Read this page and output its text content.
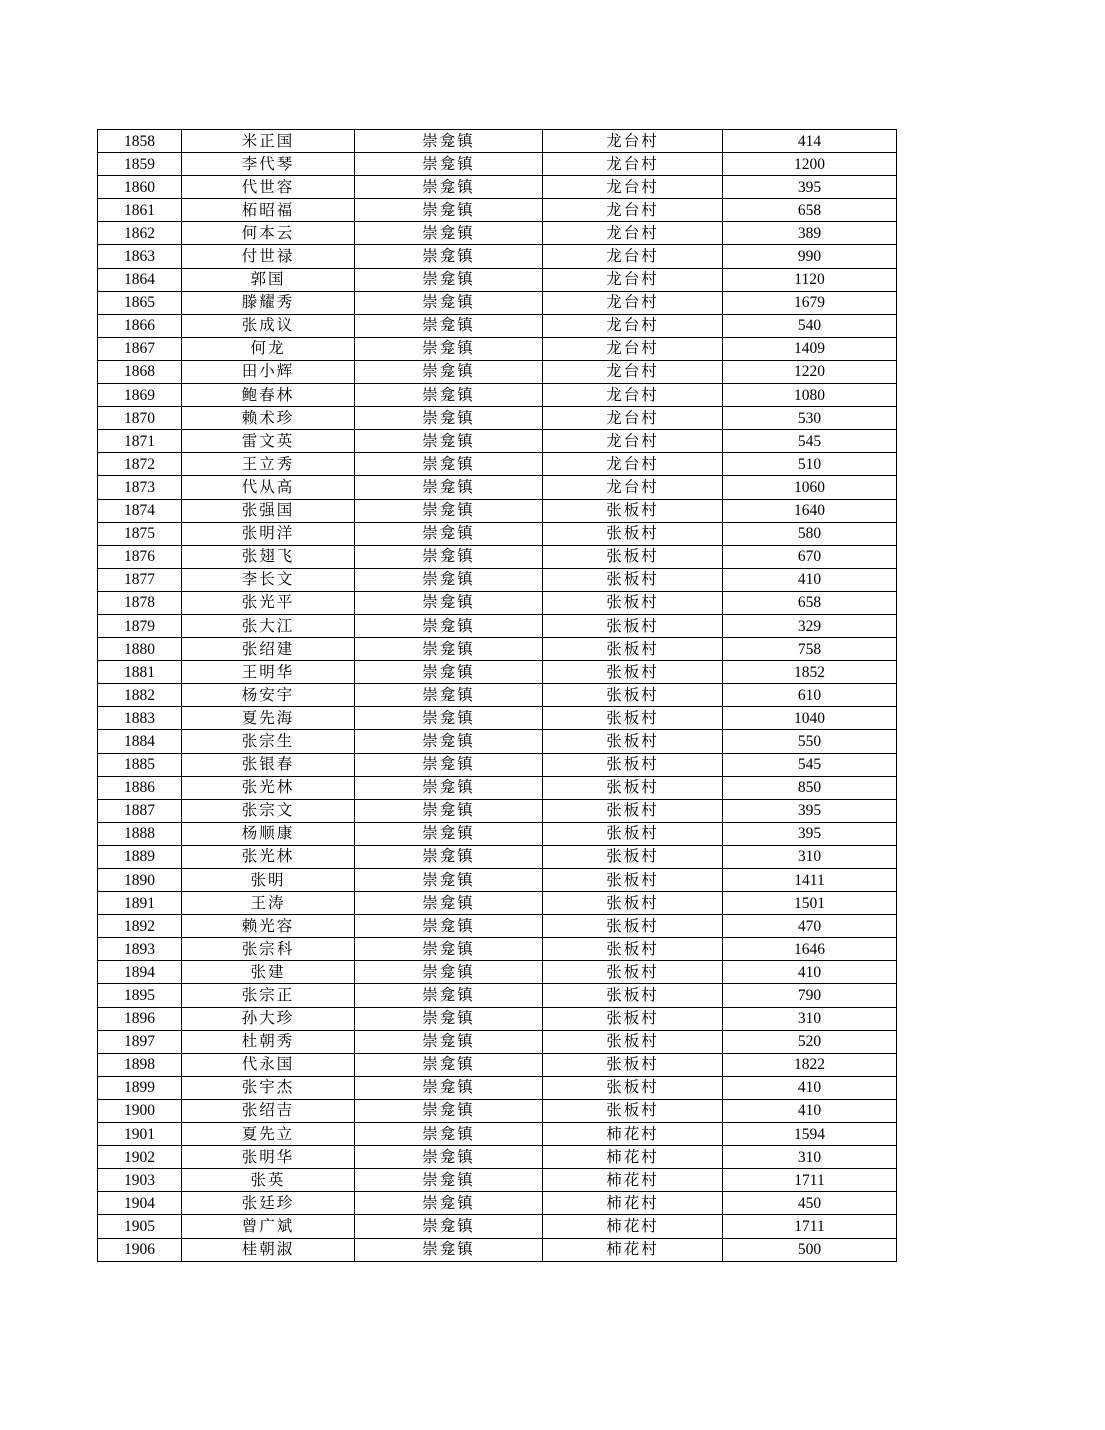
1858	米正国	崇龛镇	龙台村	414
1859	李代琴	崇龛镇	龙台村	1200
1860	代世容	崇龛镇	龙台村	395
1861	柘昭福	崇龛镇	龙台村	658
1862	何本云	崇龛镇	龙台村	389
1863	付世禄	崇龛镇	龙台村	990
1864	郭国	崇龛镇	龙台村	1120
1865	滕耀秀	崇龛镇	龙台村	1679
1866	张成议	崇龛镇	龙台村	540
1867	何龙	崇龛镇	龙台村	1409
1868	田小辉	崇龛镇	龙台村	1220
1869	鲍春林	崇龛镇	龙台村	1080
1870	赖术珍	崇龛镇	龙台村	530
1871	雷文英	崇龛镇	龙台村	545
1872	王立秀	崇龛镇	龙台村	510
1873	代从高	崇龛镇	龙台村	1060
1874	张强国	崇龛镇	张板村	1640
1875	张明洋	崇龛镇	张板村	580
1876	张翅飞	崇龛镇	张板村	670
1877	李长文	崇龛镇	张板村	410
1878	张光平	崇龛镇	张板村	658
1879	张大江	崇龛镇	张板村	329
1880	张绍建	崇龛镇	张板村	758
1881	王明华	崇龛镇	张板村	1852
1882	杨安宇	崇龛镇	张板村	610
1883	夏先海	崇龛镇	张板村	1040
1884	张宗生	崇龛镇	张板村	550
1885	张银春	崇龛镇	张板村	545
1886	张光林	崇龛镇	张板村	850
1887	张宗文	崇龛镇	张板村	395
1888	杨顺康	崇龛镇	张板村	395
1889	张光林	崇龛镇	张板村	310
1890	张明	崇龛镇	张板村	1411
1891	王涛	崇龛镇	张板村	1501
1892	赖光容	崇龛镇	张板村	470
1893	张宗科	崇龛镇	张板村	1646
1894	张建	崇龛镇	张板村	410
1895	张宗正	崇龛镇	张板村	790
1896	孙大珍	崇龛镇	张板村	310
1897	杜朝秀	崇龛镇	张板村	520
1898	代永国	崇龛镇	张板村	1822
1899	张宇杰	崇龛镇	张板村	410
1900	张绍吉	崇龛镇	张板村	410
1901	夏先立	崇龛镇	柿花村	1594
1902	张明华	崇龛镇	柿花村	310
1903	张英	崇龛镇	柿花村	1711
1904	张廷珍	崇龛镇	柿花村	450
1905	曾广斌	崇龛镇	柿花村	1711
1906	桂朝淑	崇龛镇	柿花村	500
